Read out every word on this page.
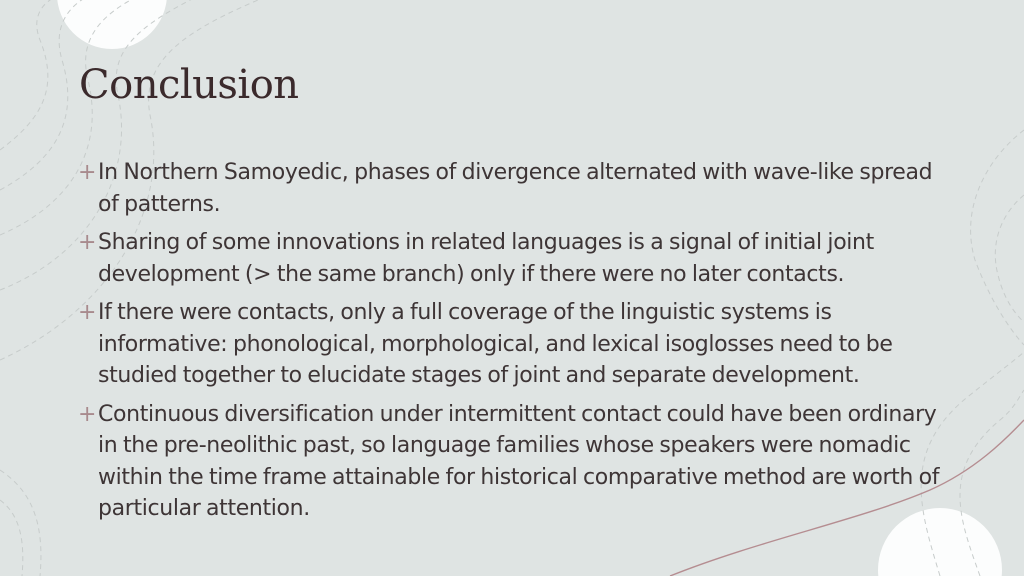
Conclusion
+ In Northern Samoyedic, phases of divergence alternated with wave-like spread of patterns.
+ Sharing of some innovations in related languages is a signal of initial joint development (> the same branch) only if there were no later contacts.
+ If there were contacts, only a full coverage of the linguistic systems is informative: phonological, morphological, and lexical isoglosses need to be studied together to elucidate stages of joint and separate development.
+ Continuous diversification under intermittent contact could have been ordinary in the pre-neolithic past, so language families whose speakers were nomadic within the time frame attainable for historical comparative method are worth of particular attention.
